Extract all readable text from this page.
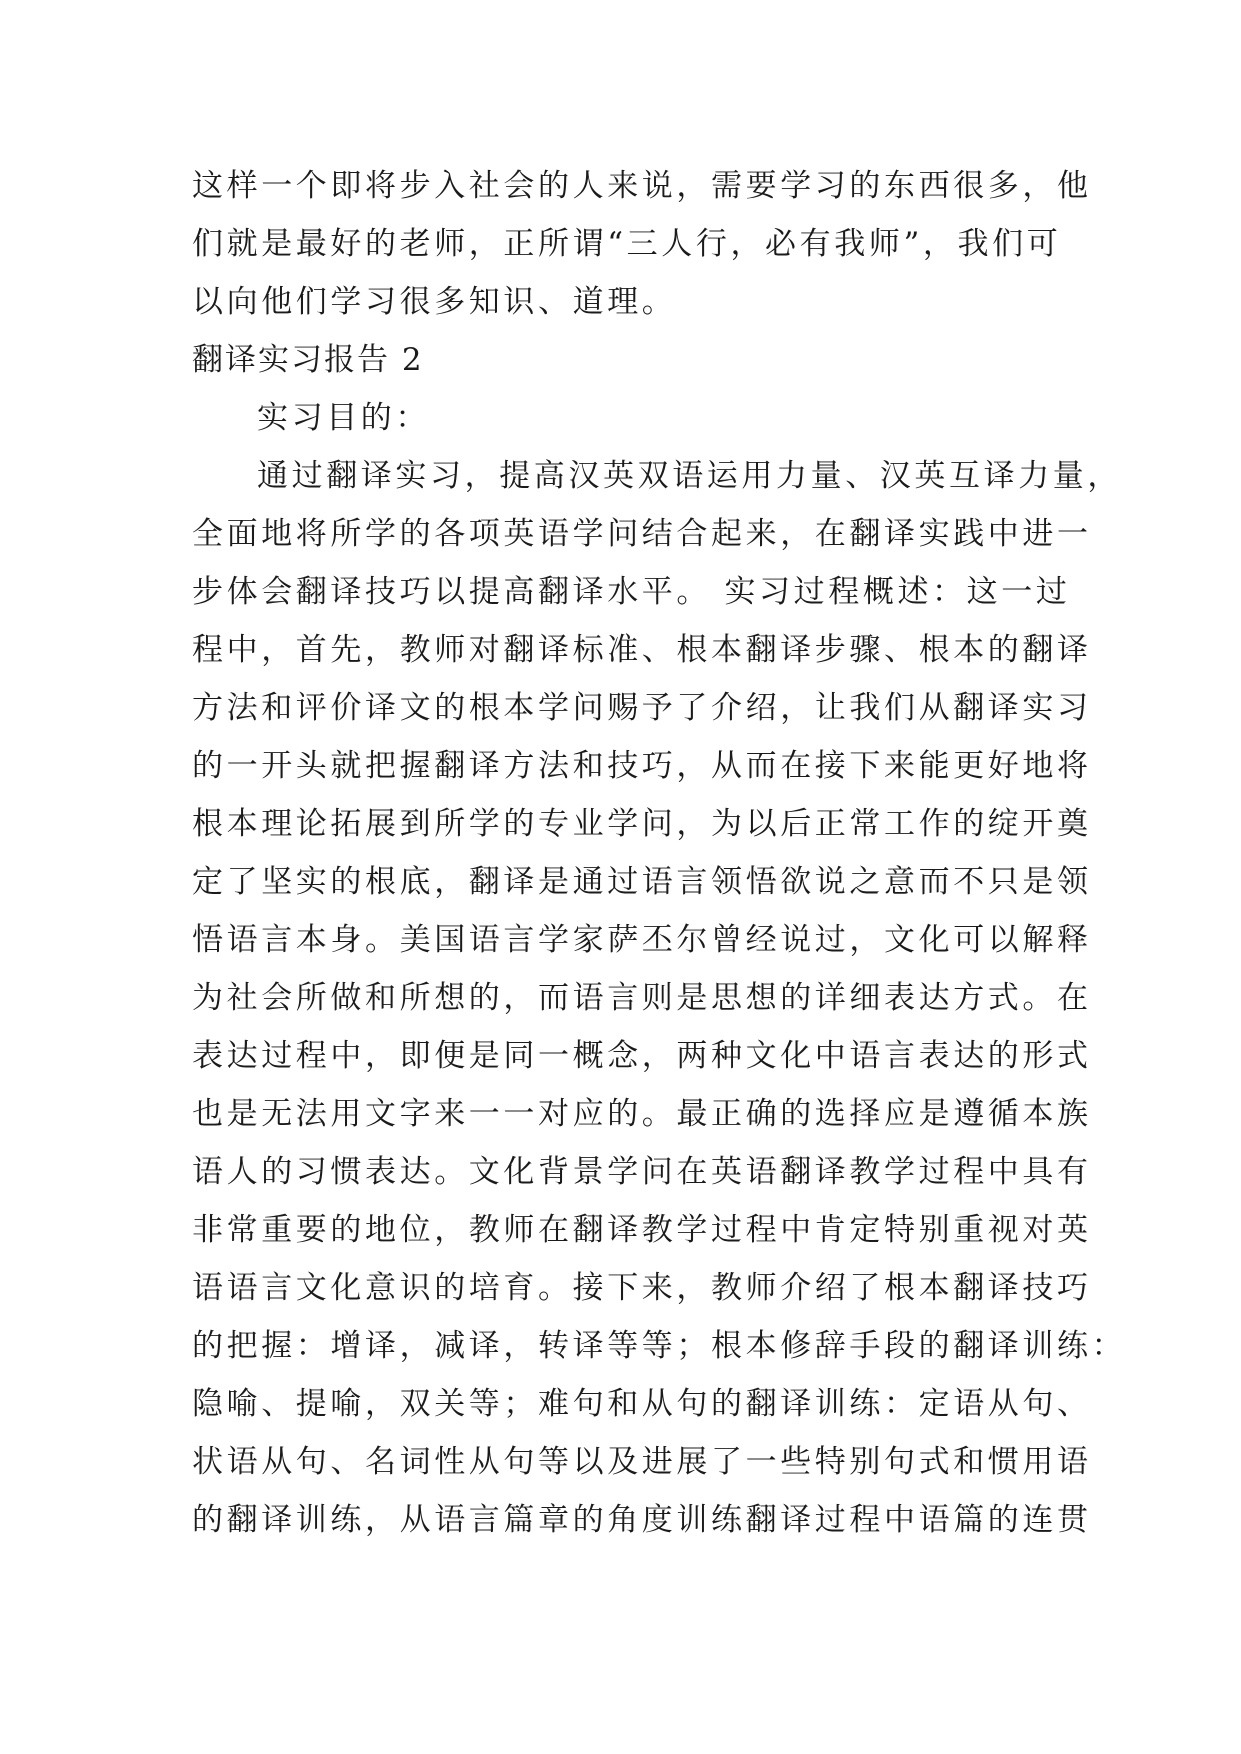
这样一个即将步入社会的人来说，需要学习的东西很多，他
们就是最好的老师，正所谓“三人行，必有我师”，我们可
以向他们学习很多知识、道理。
翻译实习报告 2
实习目的：
通过翻译实习，提高汉英双语运用力量、汉英互译力量，
全面地将所学的各项英语学问结合起来，在翻译实践中进一
步体会翻译技巧以提高翻译水平。 实习过程概述：这一过
程中，首先，教师对翻译标准、根本翻译步骤、根本的翻译
方法和评价译文的根本学问赐予了介绍，让我们从翻译实习
的一开头就把握翻译方法和技巧，从而在接下来能更好地将
根本理论拓展到所学的专业学问，为以后正常工作的绽开奠
定了坚实的根底，翻译是通过语言领悟欲说之意而不只是领
悟语言本身。美国语言学家萨丕尔曾经说过，文化可以解释
为社会所做和所想的，而语言则是思想的详细表达方式。在
表达过程中，即便是同一概念，两种文化中语言表达的形式
也是无法用文字来一一对应的。最正确的选择应是遵循本族
语人的习惯表达。文化背景学问在英语翻译教学过程中具有
非常重要的地位，教师在翻译教学过程中肯定特别重视对英
语语言文化意识的培育。接下来，教师介绍了根本翻译技巧
的把握：增译，减译，转译等等；根本修辞手段的翻译训练：
隐喻、提喻，双关等；难句和从句的翻译训练：定语从句、
状语从句、名词性从句等以及进展了一些特别句式和惯用语
的翻译训练，从语言篇章的角度训练翻译过程中语篇的连贯
